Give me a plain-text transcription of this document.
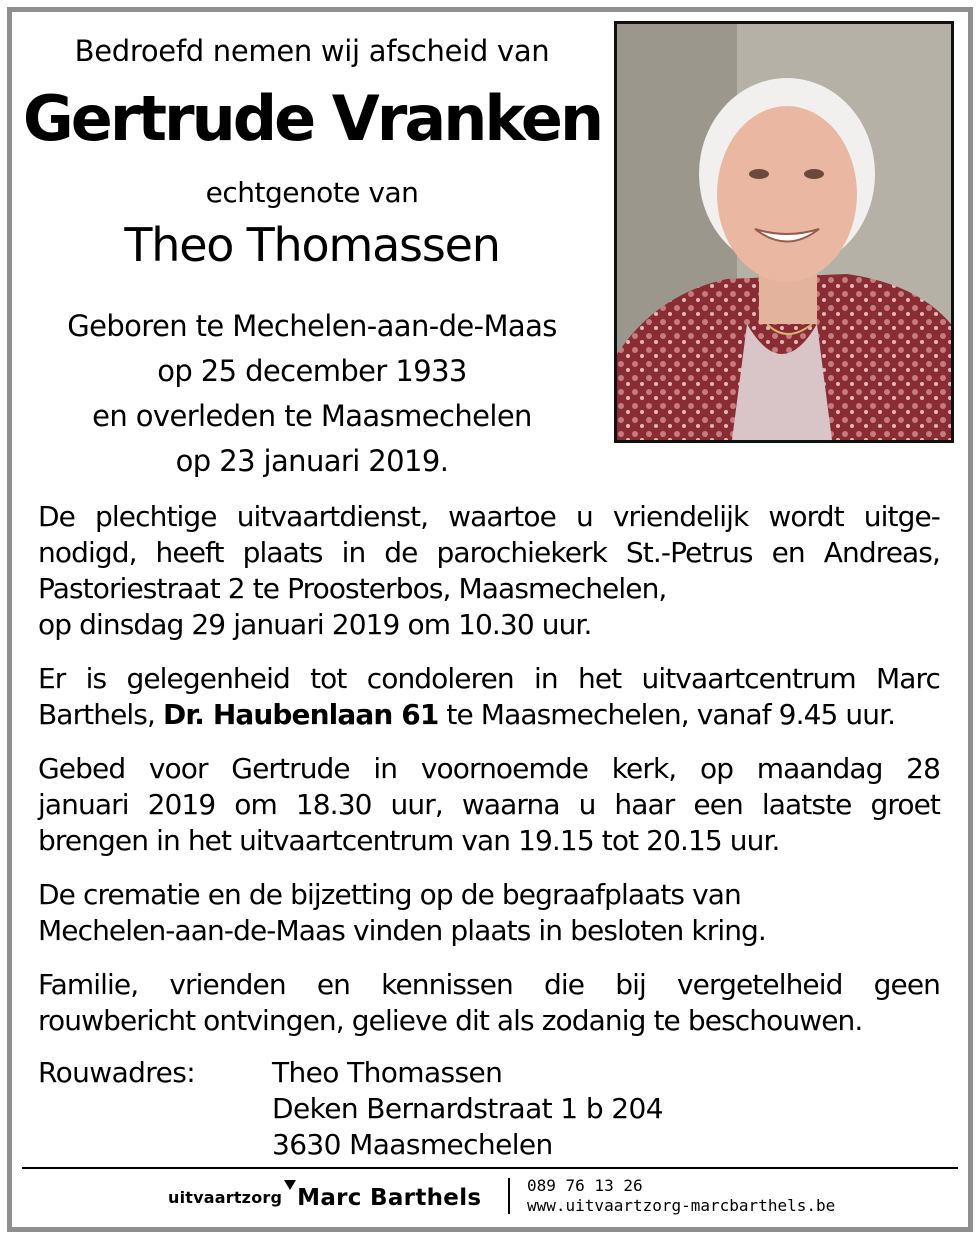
Bedroefd nemen wij afscheid van
Gertrude Vranken
echtgenote van
Theo Thomassen
Geboren te Mechelen-aan-de-Maas
op 25 december 1933
en overleden te Maasmechelen
op 23 januari 2019.
De plechtige uitvaartdienst, waartoe u vriendelijk wordt uitge-
nodigd, heeft plaats in de parochiekerk St.-Petrus en Andreas,
Pastoriestraat 2 te Proosterbos, Maasmechelen,
op dinsdag 29 januari 2019 om 10.30 uur.
Er is gelegenheid tot condoleren in het uitvaartcentrum Marc
Barthels, Dr. Haubenlaan 61 te Maasmechelen, vanaf 9.45 uur.
Gebed voor Gertrude in voornoemde kerk, op maandag 28
januari 2019 om 18.30 uur, waarna u haar een laatste groet
brengen in het uitvaartcentrum van 19.15 tot 20.15 uur.
De crematie en de bijzetting op de begraafplaats van
Mechelen-aan-de-Maas vinden plaats in besloten kring.
Familie, vrienden en kennissen die bij vergetelheid geen
rouwbericht ontvingen, gelieve dit als zodanig te beschouwen.
Rouwadres:	Theo Thomassen
Deken Bernardstraat 1 b 204
3630 Maasmechelen
uitvaartzorg Marc Barthels	089 76 13 26
www.uitvaartzorg-marcbarthels.be
